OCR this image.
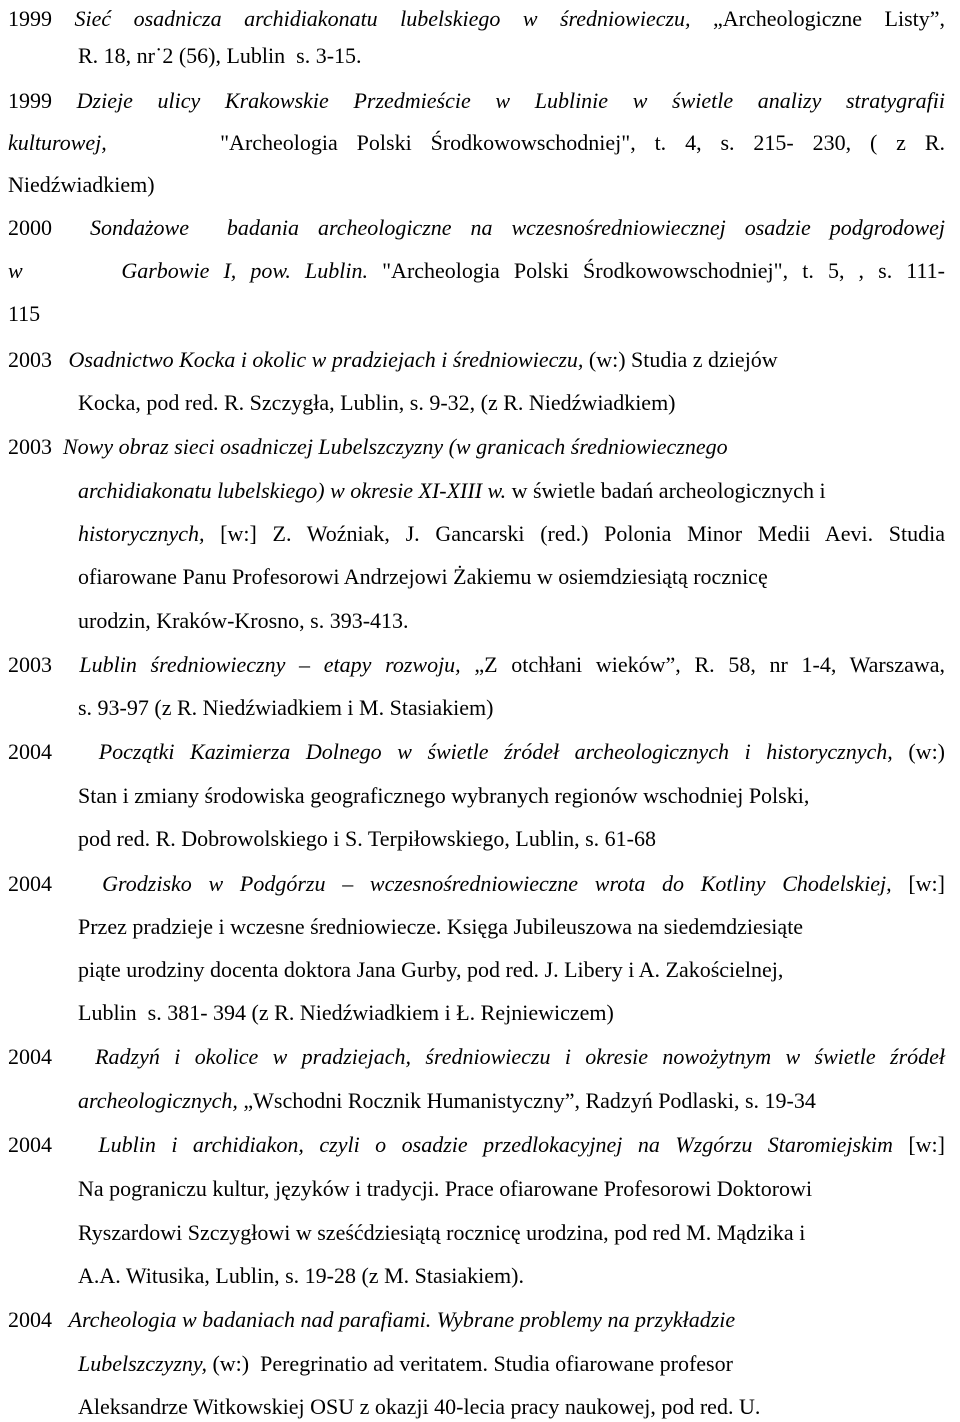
1999 Sieć osadnicza archidiakonatu lubelskiego w średniowieczu, „Archeologiczne Listy”,
R. 18, nr˙2 (56), Lublin  s. 3-15.
1999 Dzieje ulicy Krakowskie Przedmieście w Lublinie w świetle analizy stratygrafii
kulturowej,      "Archeologia Polski Środkowowschodniej", t. 4, s. 215- 230, ( z R.
Niedźwiadkiem)
2000  Sondażowe  badania archeologiczne na wczesnośredniowiecznej osadzie podgrodowej
w       Garbowie I, pow. Lublin. "Archeologia Polski Środkowowschodniej", t. 5, , s. 111-
115
2003   Osadnictwo Kocka i okolic w pradziejach i średniowieczu, (w:) Studia z dziejów
Kocka, pod red. R. Szczygła, Lublin, s. 9-32, (z R. Niedźwiadkiem)
2003  Nowy obraz sieci osadniczej Lubelszczyzny (w granicach średniowiecznego
archidiakonatu lubelskiego) w okresie XI-XIII w. w świetle badań archeologicznych i
historycznych, [w:] Z. Woźniak, J. Gancarski (red.) Polonia Minor Medii Aevi. Studia
ofiarowane Panu Profesorowi Andrzejowi Żakiemu w osiemdziesiątą rocznicę
urodzin, Kraków-Krosno, s. 393-413.
2003  Lublin średniowieczny – etapy rozwoju, „Z otchłani wieków”, R. 58, nr 1-4, Warszawa,
s. 93-97 (z R. Niedźwiadkiem i M. Stasiakiem)
2004   Początki Kazimierza Dolnego w świetle źródeł archeologicznych i historycznych, (w:)
Stan i zmiany środowiska geograficznego wybranych regionów wschodniej Polski,
pod red. R. Dobrowolskiego i S. Terpiłowskiego, Lublin, s. 61-68
2004   Grodzisko w Podgórzu – wczesnośredniowieczne wrota do Kotliny Chodelskiej, [w:]
Przez pradzieje i wczesne średniowiecze. Księga Jubileuszowa na siedemdziesiąte
piąte urodziny docenta doktora Jana Gurby, pod red. J. Libery i A. Zakościelnej,
Lublin  s. 381- 394 (z R. Niedźwiadkiem i Ł. Rejniewiczem)
2004   Radzyń i okolice w pradziejach, średniowieczu i okresie nowożytnym w świetle źródeł
archeologicznych, „Wschodni Rocznik Humanistyczny”, Radzyń Podlaski, s. 19-34
2004   Lublin i archidiakon, czyli o osadzie przedlokacyjnej na Wzgórzu Staromiejskim [w:]
Na pograniczu kultur, języków i tradycji. Prace ofiarowane Profesorowi Doktorowi
Ryszardowi Szczygłowi w sześćdziesiątą rocznicę urodzina, pod red M. Mądzika i
A.A. Witusika, Lublin, s. 19-28 (z M. Stasiakiem).
2004   Archeologia w badaniach nad parafiami. Wybrane problemy na przykładzie
Lubelszczyzny, (w:)  Peregrinatio ad veritatem. Studia ofiarowane profesor
Aleksandrze Witkowskiej OSU z okazji 40-lecia pracy naukowej, pod red. U.
